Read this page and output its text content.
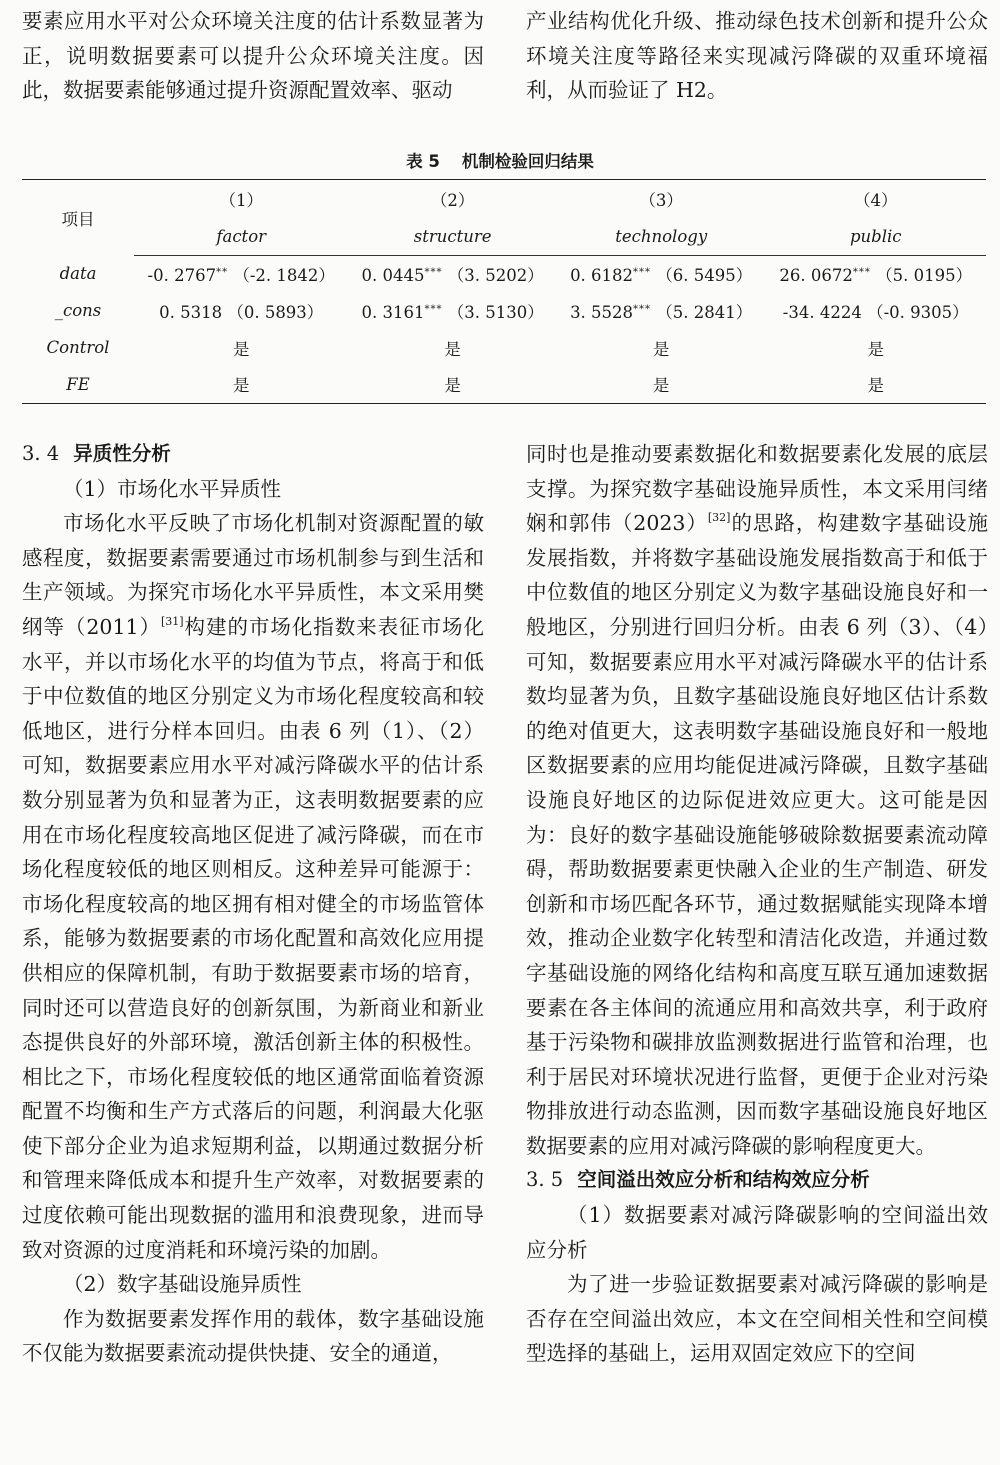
要素应用水平对公众环境关注度的估计系数显著为正，说明数据要素可以提升公众环境关注度。因此，数据要素能够通过提升资源配置效率、驱动

产业结构优化升级、推动绿色技术创新和提升公众环境关注度等路径来实现减污降碳的双重环境福利，从而验证了 H2。

表 5 机制检验回归结果
项目	（1）	（2）	（3）	（4）
	factor	structure	technology	public
data	-0. 2767** （-2. 1842）	0. 0445*** （3. 5202）	0. 6182*** （6. 5495）	26. 0672*** （5. 0195）
_cons	0. 5318 （0. 5893）	0. 3161*** （3. 5130）	3. 5528*** （5. 2841）	-34. 4224 （-0. 9305）
Control	是	是	是	是
FE	是	是	是	是

3. 4 异质性分析

（1）市场化水平异质性

市场化水平反映了市场化机制对资源配置的敏感程度，数据要素需要通过市场机制参与到生活和生产领域。为探究市场化水平异质性，本文采用樊纲等（2011）[31]构建的市场化指数来表征市场化水平，并以市场化水平的均值为节点，将高于和低于中位数值的地区分别定义为市场化程度较高和较低地区，进行分样本回归。由表 6 列（1）、（2）可知，数据要素应用水平对减污降碳水平的估计系数分别显著为负和显著为正，这表明数据要素的应用在市场化程度较高地区促进了减污降碳，而在市场化程度较低的地区则相反。这种差异可能源于：市场化程度较高的地区拥有相对健全的市场监管体系，能够为数据要素的市场化配置和高效化应用提供相应的保障机制，有助于数据要素市场的培育，同时还可以营造良好的创新氛围，为新商业和新业态提供良好的外部环境，激活创新主体的积极性。相比之下，市场化程度较低的地区通常面临着资源配置不均衡和生产方式落后的问题，利润最大化驱使下部分企业为追求短期利益，以期通过数据分析和管理来降低成本和提升生产效率，对数据要素的过度依赖可能出现数据的滥用和浪费现象，进而导致对资源的过度消耗和环境污染的加剧。

（2）数字基础设施异质性

作为数据要素发挥作用的载体，数字基础设施不仅能为数据要素流动提供快捷、安全的通道，

同时也是推动要素数据化和数据要素化发展的底层支撑。为探究数字基础设施异质性，本文采用闫绪娴和郭伟（2023）[32]的思路，构建数字基础设施发展指数，并将数字基础设施发展指数高于和低于中位数值的地区分别定义为数字基础设施良好和一般地区，分别进行回归分析。由表 6 列（3）、（4）可知，数据要素应用水平对减污降碳水平的估计系数均显著为负，且数字基础设施良好地区估计系数的绝对值更大，这表明数字基础设施良好和一般地区数据要素的应用均能促进减污降碳，且数字基础设施良好地区的边际促进效应更大。这可能是因为：良好的数字基础设施能够破除数据要素流动障碍，帮助数据要素更快融入企业的生产制造、研发创新和市场匹配各环节，通过数据赋能实现降本增效，推动企业数字化转型和清洁化改造，并通过数字基础设施的网络化结构和高度互联互通加速数据要素在各主体间的流通应用和高效共享，利于政府基于污染物和碳排放监测数据进行监管和治理，也利于居民对环境状况进行监督，更便于企业对污染物排放进行动态监测，因而数字基础设施良好地区数据要素的应用对减污降碳的影响程度更大。

3. 5 空间溢出效应分析和结构效应分析

（1）数据要素对减污降碳影响的空间溢出效应分析

为了进一步验证数据要素对减污降碳的影响是否存在空间溢出效应，本文在空间相关性和空间模型选择的基础上，运用双固定效应下的空间
